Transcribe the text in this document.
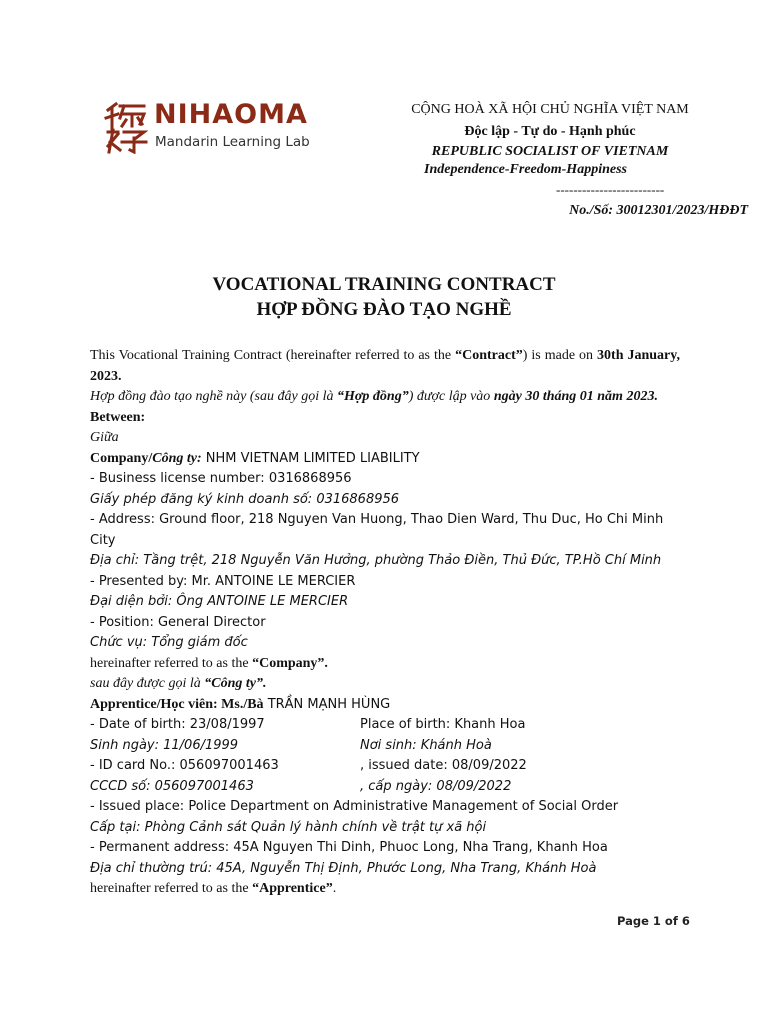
NIHAOMA
Mandarin Learning Lab
CỘNG HOÀ XÃ HỘI CHỦ NGHĨA VIỆT NAM
Độc lập - Tự do - Hạnh phúc
REPUBLIC SOCIALIST OF VIETNAM
Independence-Freedom-Happiness
-------------------------
No./Số: 30012301/2023/HĐĐT
VOCATIONAL TRAINING CONTRACT
HỢP ĐỒNG ĐÀO TẠO NGHỀ

This Vocational Training Contract (hereinafter referred to as the “Contract”) is made on 30th January, 2023.

Hợp đồng đào tạo nghề này (sau đây gọi là “Hợp đồng”) được lập vào ngày 30 tháng 01 năm 2023.

Between:

Giữa

Company/Công ty: NHM VIETNAM LIMITED LIABILITY

- Business license number: 0316868956

Giấy phép đăng ký kinh doanh số: 0316868956

- Address: Ground floor, 218 Nguyen Van Huong, Thao Dien Ward, Thu Duc, Ho Chi Minh City

Địa chỉ: Tầng trệt, 218 Nguyễn Văn Hưởng, phường Thảo Điền, Thủ Đức, TP.Hồ Chí Minh

- Presented by: Mr. ANTOINE LE MERCIER

Đại diện bởi: Ông ANTOINE LE MERCIER

- Position: General Director

Chức vụ: Tổng giám đốc

hereinafter referred to as the “Company”.

sau đây được gọi là “Công ty”.

Apprentice/Học viên: Ms./Bà TRẦN MẠNH HÙNG

- Date of birth: 23/08/1997	Place of birth: Khanh Hoa
Sinh ngày: 11/06/1999	Nơi sinh: Khánh Hoà
- ID card No.: 056097001463	, issued date: 08/09/2022
CCCD số: 056097001463	, cấp ngày: 08/09/2022

- Issued place: Police Department on Administrative Management of Social Order

Cấp tại: Phòng Cảnh sát Quản lý hành chính về trật tự xã hội

- Permanent address: 45A Nguyen Thi Dinh, Phuoc Long, Nha Trang, Khanh Hoa

Địa chỉ thường trú: 45A, Nguyễn Thị Định, Phước Long, Nha Trang, Khánh Hoà

hereinafter referred to as the “Apprentice”.

Page 1 of 6
